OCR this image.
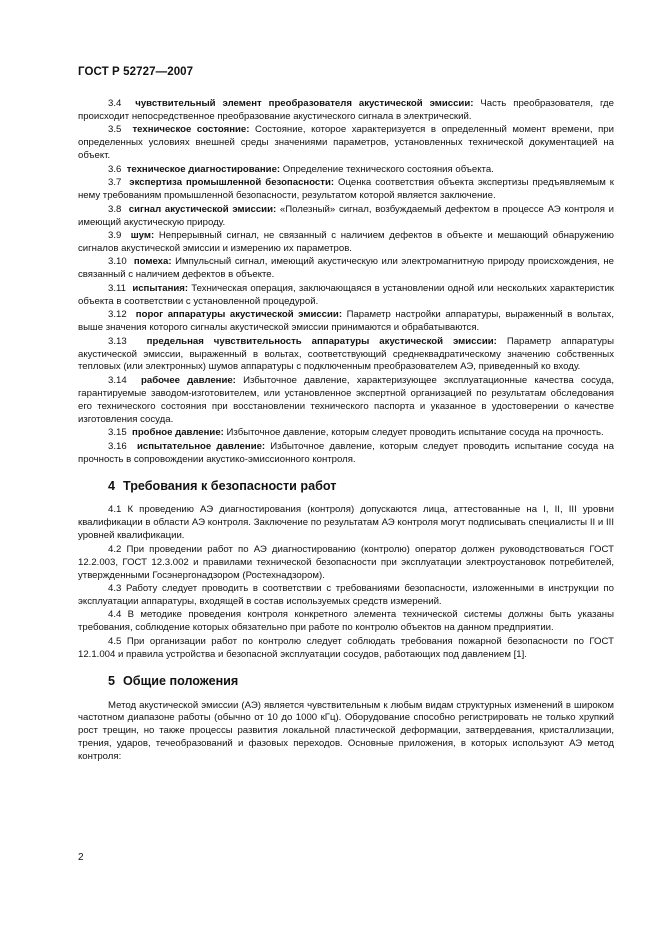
ГОСТ Р 52727—2007

3.4 чувствительный элемент преобразователя акустической эмиссии: Часть преобразователя, где происходит непосредственное преобразование акустического сигнала в электрический.

3.5 техническое состояние: Состояние, которое характеризуется в определенный момент времени, при определенных условиях внешней среды значениями параметров, установленных технической документацией на объект.

3.6 техническое диагностирование: Определение технического состояния объекта.

3.7 экспертиза промышленной безопасности: Оценка соответствия объекта экспертизы предъявляемым к нему требованиям промышленной безопасности, результатом которой является заключение.

3.8 сигнал акустической эмиссии: «Полезный» сигнал, возбуждаемый дефектом в процессе АЭ контроля и имеющий акустическую природу.

3.9 шум: Непрерывный сигнал, не связанный с наличием дефектов в объекте и мешающий обнаружению сигналов акустической эмиссии и измерению их параметров.

3.10 помеха: Импульсный сигнал, имеющий акустическую или электромагнитную природу происхождения, не связанный с наличием дефектов в объекте.

3.11 испытания: Техническая операция, заключающаяся в установлении одной или нескольких характеристик объекта в соответствии с установленной процедурой.

3.12 порог аппаратуры акустической эмиссии: Параметр настройки аппаратуры, выраженный в вольтах, выше значения которого сигналы акустической эмиссии принимаются и обрабатываются.

3.13 предельная чувствительность аппаратуры акустической эмиссии: Параметр аппаратуры акустической эмиссии, выраженный в вольтах, соответствующий среднеквадратическому значению собственных тепловых (или электронных) шумов аппаратуры с подключенным преобразователем АЭ, приведенный ко входу.

3.14 рабочее давление: Избыточное давление, характеризующее эксплуатационные качества сосуда, гарантируемые заводом-изготовителем, или установленное экспертной организацией по результатам обследования его технического состояния при восстановлении технического паспорта и указанное в удостоверении о качестве изготовления сосуда.

3.15 пробное давление: Избыточное давление, которым следует проводить испытание сосуда на прочность.

3.16 испытательное давление: Избыточное давление, которым следует проводить испытание сосуда на прочность в сопровождении акустико-эмиссионного контроля.

4 Требования к безопасности работ

4.1 К проведению АЭ диагностирования (контроля) допускаются лица, аттестованные на I, II, III уровни квалификации в области АЭ контроля. Заключение по результатам АЭ контроля могут подписывать специалисты II и III уровней квалификации.

4.2 При проведении работ по АЭ диагностированию (контролю) оператор должен руководствоваться ГОСТ 12.2.003, ГОСТ 12.3.002 и правилами технической безопасности при эксплуатации электроустановок потребителей, утвержденными Госэнергонадзором (Ростехнадзором).

4.3 Работу следует проводить в соответствии с требованиями безопасности, изложенными в инструкции по эксплуатации аппаратуры, входящей в состав используемых средств измерений.

4.4 В методике проведения контроля конкретного элемента технической системы должны быть указаны требования, соблюдение которых обязательно при работе по контролю объектов на данном предприятии.

4.5 При организации работ по контролю следует соблюдать требования пожарной безопасности по ГОСТ 12.1.004 и правила устройства и безопасной эксплуатации сосудов, работающих под давлением [1].

5 Общие положения

Метод акустической эмиссии (АЭ) является чувствительным к любым видам структурных изменений в широком частотном диапазоне работы (обычно от 10 до 1000 кГц). Оборудование способно регистрировать не только хрупкий рост трещин, но также процессы развития локальной пластической деформации, затвердевания, кристаллизации, трения, ударов, течеобразований и фазовых переходов. Основные приложения, в которых используют АЭ метод контроля:

2
